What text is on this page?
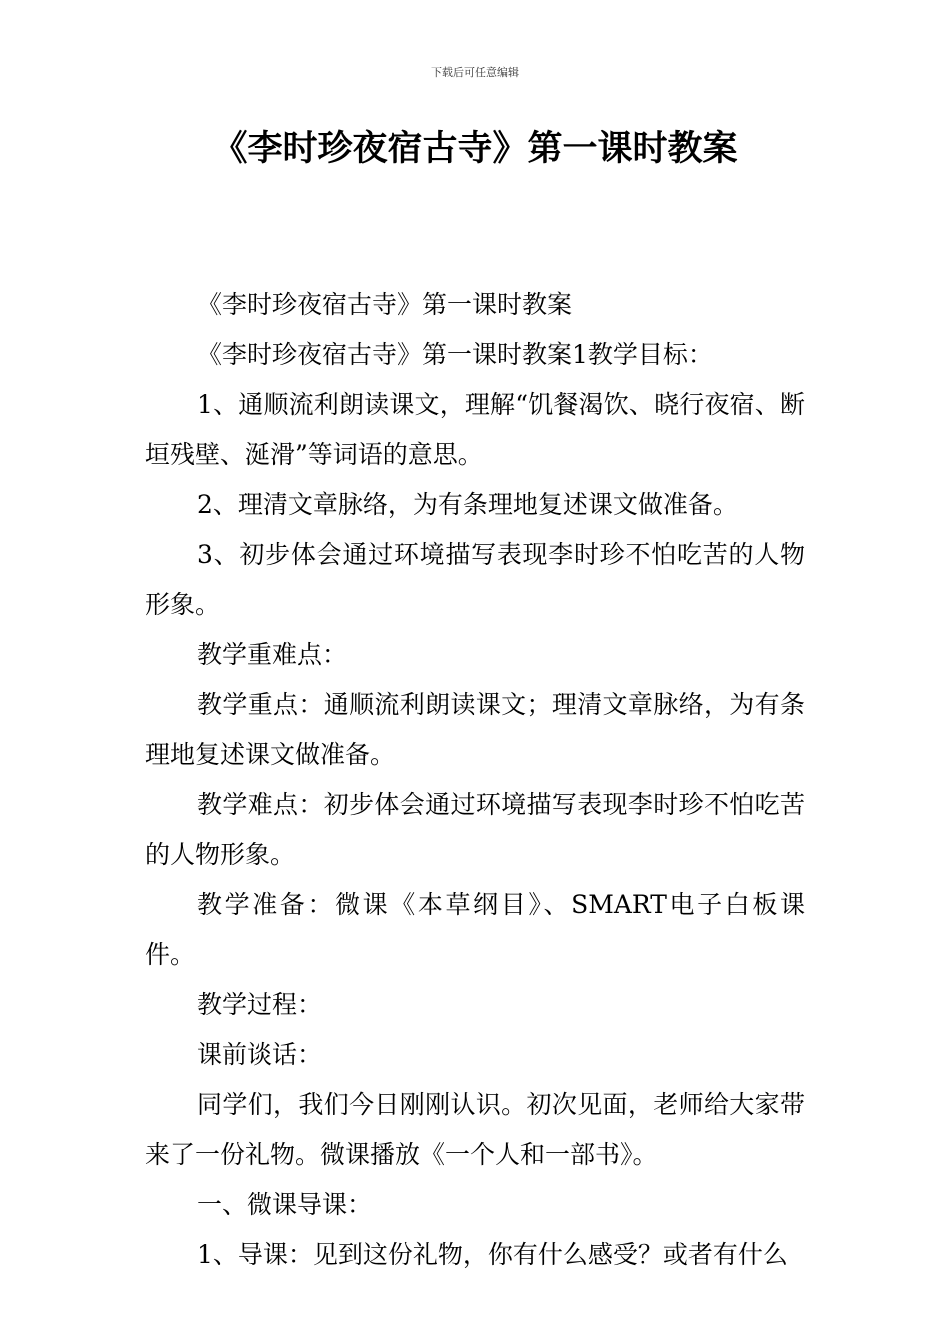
下载后可任意编辑
《李时珍夜宿古寺》第一课时教案

《李时珍夜宿古寺》第一课时教案

《李时珍夜宿古寺》第一课时教案1教学目标：

1、通顺流利朗读课文，理解“饥餐渴饮、晓行夜宿、断垣残壁、涎滑”等词语的意思。

2、理清文章脉络，为有条理地复述课文做准备。

3、初步体会通过环境描写表现李时珍不怕吃苦的人物形象。

教学重难点：

教学重点：通顺流利朗读课文；理清文章脉络，为有条理地复述课文做准备。

教学难点：初步体会通过环境描写表现李时珍不怕吃苦的人物形象。

教学准备：微课《本草纲目》、SMART电子白板课件。

教学过程：

课前谈话：

同学们，我们今日刚刚认识。初次见面，老师给大家带来了一份礼物。微课播放《一个人和一部书》。

一、微课导课：

1、导课：见到这份礼物，你有什么感受？或者有什么
